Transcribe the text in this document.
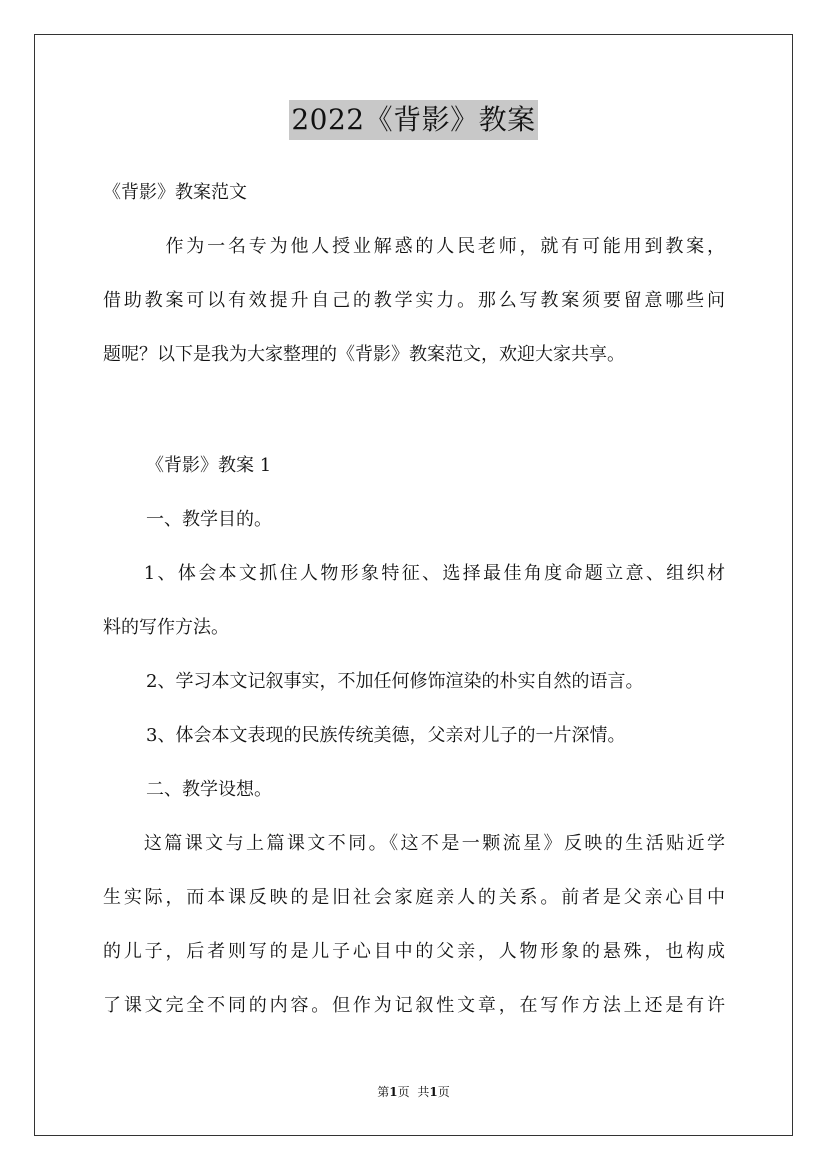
2022《背影》教案
《背影》教案范文
　　　作为一名专为他人授业解惑的人民老师，就有可能用到教案，
借助教案可以有效提升自己的教学实力。那么写教案须要留意哪些问
题呢？以下是我为大家整理的《背影》教案范文，欢迎大家共享。
《背影》教案 1
一、教学目的。
　　1、体会本文抓住人物形象特征、选择最佳角度命题立意、组织材
料的写作方法。
2、学习本文记叙事实，不加任何修饰渲染的朴实自然的语言。
3、体会本文表现的民族传统美德，父亲对儿子的一片深情。
二、教学设想。
　　这篇课文与上篇课文不同。《这不是一颗流星》反映的生活贴近学
生实际，而本课反映的是旧社会家庭亲人的关系。前者是父亲心目中
的儿子，后者则写的是儿子心目中的父亲，人物形象的悬殊，也构成
了课文完全不同的内容。但作为记叙性文章，在写作方法上还是有许
第1页 共1页
